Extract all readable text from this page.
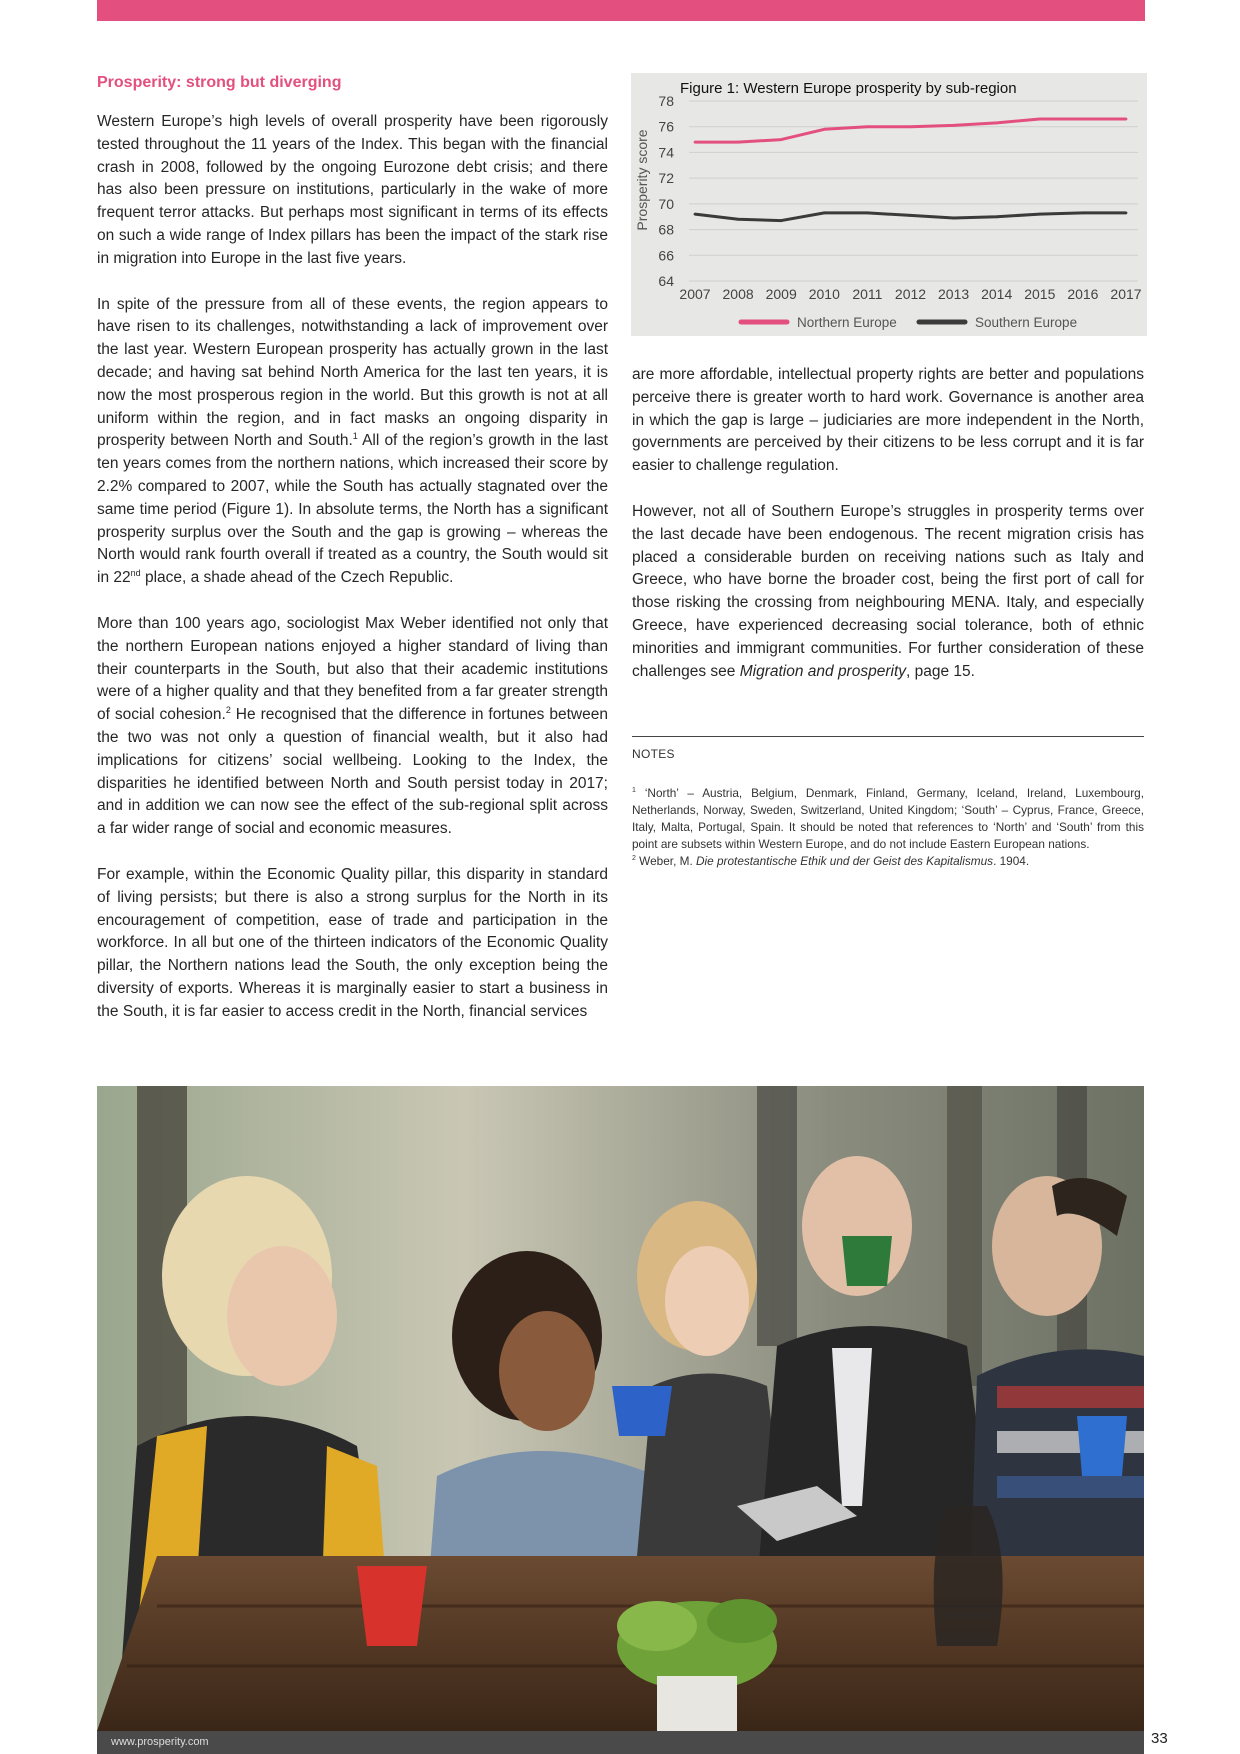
Prosperity: strong but diverging

Western Europe’s high levels of overall prosperity have been rigorously tested throughout the 11 years of the Index. This began with the financial crash in 2008, followed by the ongoing Eurozone debt crisis; and there has also been pressure on institutions, particularly in the wake of more frequent terror attacks. But perhaps most significant in terms of its effects on such a wide range of Index pillars has been the impact of the stark rise in migration into Europe in the last five years.

In spite of the pressure from all of these events, the region appears to have risen to its challenges, notwithstanding a lack of improvement over the last year. Western European prosperity has actually grown in the last decade; and having sat behind North America for the last ten years, it is now the most prosperous region in the world. But this growth is not at all uniform within the region, and in fact masks an ongoing disparity in prosperity between North and South.$^1$ All of the region’s growth in the last ten years comes from the northern nations, which increased their score by 2.2% compared to 2007, while the South has actually stagnated over the same time period (Figure 1). In absolute terms, the North has a significant prosperity surplus over the South and the gap is growing – whereas the North would rank fourth overall if treated as a country, the South would sit in 22nd place, a shade ahead of the Czech Republic.

More than 100 years ago, sociologist Max Weber identified not only that the northern European nations enjoyed a higher standard of living than their counterparts in the South, but also that their academic institutions were of a higher quality and that they benefited from a far greater strength of social cohesion.$^2$ He recognised that the difference in fortunes between the two was not only a question of financial wealth, but it also had implications for citizens’ social wellbeing. Looking to the Index, the disparities he identified between North and South persist today in 2017; and in addition we can now see the effect of the sub-regional split across a far wider range of social and economic measures.

For example, within the Economic Quality pillar, this disparity in standard of living persists; but there is also a strong surplus for the North in its encouragement of competition, ease of trade and participation in the workforce. In all but one of the thirteen indicators of the Economic Quality pillar, the Northern nations lead the South, the only exception being the diversity of exports. Whereas it is marginally easier to start a business in the South, it is far easier to access credit in the North, financial services

64
66
68
70
72
74
76
78
2007 2008 2009 2010 2011 2012 2013 2014 2015 2016 2017
Figure 1: Western Europe prosperity by sub-region
Prosperity score
Northern Europe	Southern Europe

are more affordable, intellectual property rights are better and populations perceive there is greater worth to hard work. Governance is another area in which the gap is large – judiciaries are more independent in the North, governments are perceived by their citizens to be less corrupt and it is far easier to challenge regulation.

However, not all of Southern Europe’s struggles in prosperity terms over the last decade have been endogenous. The recent migration crisis has placed a considerable burden on receiving nations such as Italy and Greece, who have borne the broader cost, being the first port of call for those risking the crossing from neighbouring MENA. Italy, and especially Greece, have experienced decreasing social tolerance, both of ethnic minorities and immigrant communities. For further consideration of these challenges see Migration and prosperity, page 15.

NOTES

$^1$ ‘North’ – Austria, Belgium, Denmark, Finland, Germany, Iceland, Ireland, Luxembourg, Netherlands, Norway, Sweden, Switzerland, United Kingdom; ‘South’ – Cyprus, France, Greece, Italy, Malta, Portugal, Spain. It should be noted that references to ‘North’ and ‘South’ from this point are subsets within Western Europe, and do not include Eastern European nations.

$^2$ Weber, M. Die protestantische Ethik und der Geist des Kapitalismus. 1904.

www.prosperity.com	33
